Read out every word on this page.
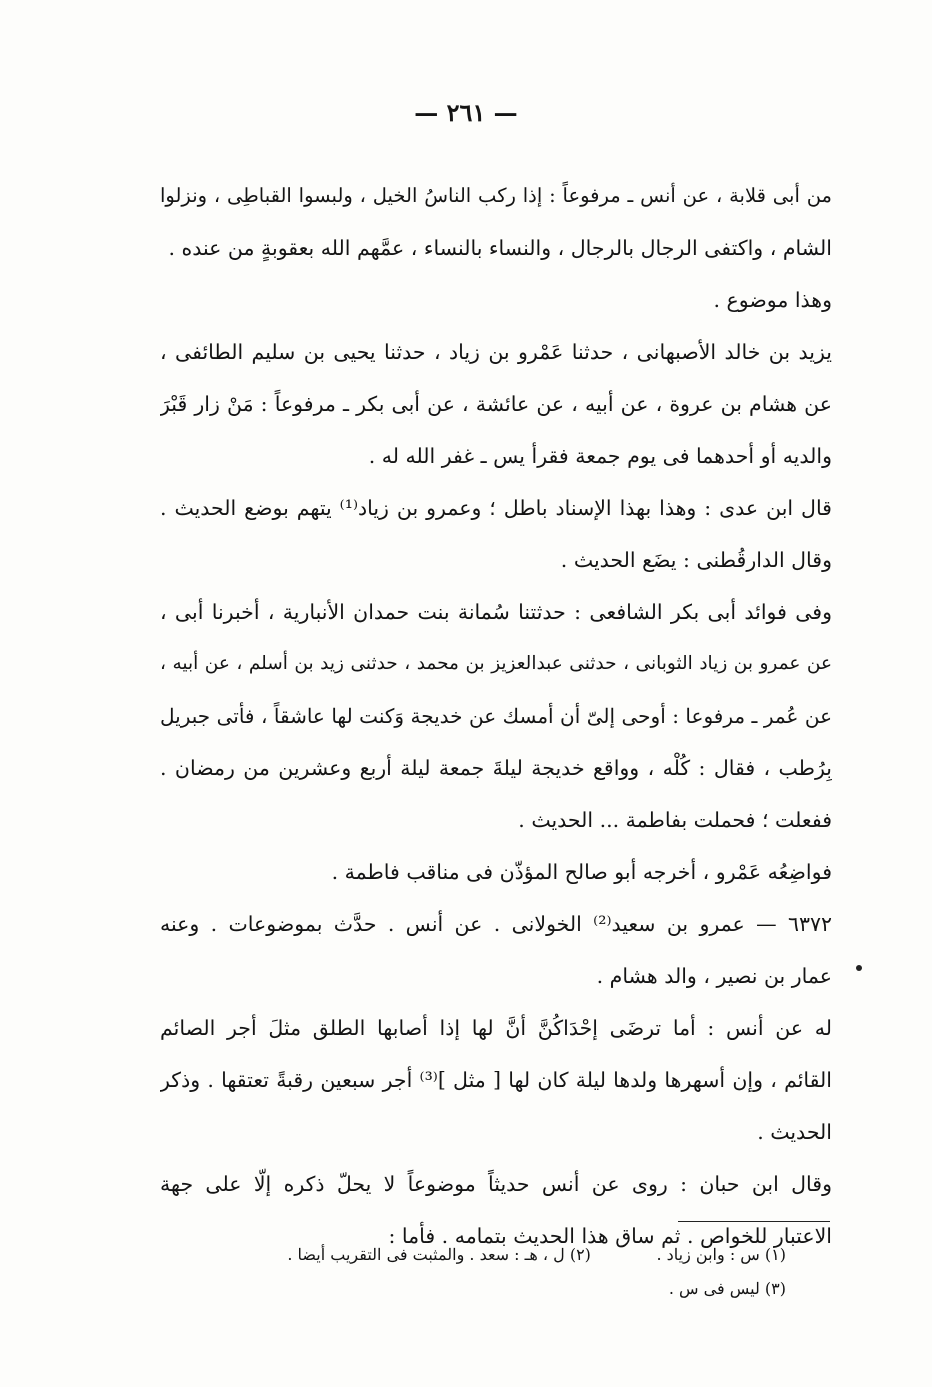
— ٢٦١ —
من أبى قلابة ، عن أنس ـ مرفوعاً : إذا ركب الناسُ الخيل ، ولبسوا القباطِى ، ونزلوا
الشام ، واكتفى الرجال بالرجال ، والنساء بالنساء ، عمَّهم الله بعقوبةٍ من عنده .
وهذا موضوع .
يزيد بن خالد الأصبهانى ، حدثنا عَمْرو بن زياد ، حدثنا يحيى بن سليم الطائفى ،
عن هشام بن عروة ، عن أبيه ، عن عائشة ، عن أبى بكر ـ مرفوعاً : مَنْ زار قَبْرَ
والديه أو أحدهما فى يوم جمعة فقرأ يس ـ غفر الله له .
قال ابن عدى : وهذا بهذا الإسناد باطل ؛ وعمرو بن زياد⁽¹⁾ يتهم بوضع الحديث .
وقال الدارقُطنى : يضَع الحديث .
وفى فوائد أبى بكر الشافعى : حدثتنا سُمانة بنت حمدان الأنبارية ، أخبرنا أبى ،
عن عمرو بن زياد الثوبانى ، حدثنى عبدالعزيز بن محمد ، حدثنى زيد بن أسلم ، عن أبيه ،
عن عُمر ـ مرفوعا : أوحى إلىّ أن أمسك عن خديجة وَكنت لها عاشقاً ، فأتى جبريل
بِرُطب ، فقال : كُلْه ، وواقع خديجة ليلةَ جمعة ليلة أربع وعشرين من رمضان .
ففعلت ؛ فحملت بفاطمة ... الحديث .
فواضِعُه عَمْرو ، أخرجه أبو صالح المؤذّن فى مناقب فاطمة .
٦٣٧٢ — عمرو بن سعيد⁽²⁾ الخولانى . عن أنس . حدَّث بموضوعات . وعنه
عمار بن نصير ، والد هشام .
له عن أنس : أما ترضَى إحْدَاكُنَّ أنَّ لها إذا أصابها الطلق مثلَ أجر الصائم
القائم ، وإن أسهرها ولدها ليلة كان لها [ مثل ]⁽³⁾ أجر سبعين رقبةً تعتقها . وذكر
الحديث .
وقال ابن حبان : روى عن أنس حديثاً موضوعاً لا يحلّ ذكره إلّا على جهة
الاعتبار للخواص . ثم ساق هذا الحديث بتمامه . فأما :
(١) س : وابن زياد . (٢) ل ، هـ : سعد . والمثبت فى التقريب أيضا .
(٣) ليس فى س .
